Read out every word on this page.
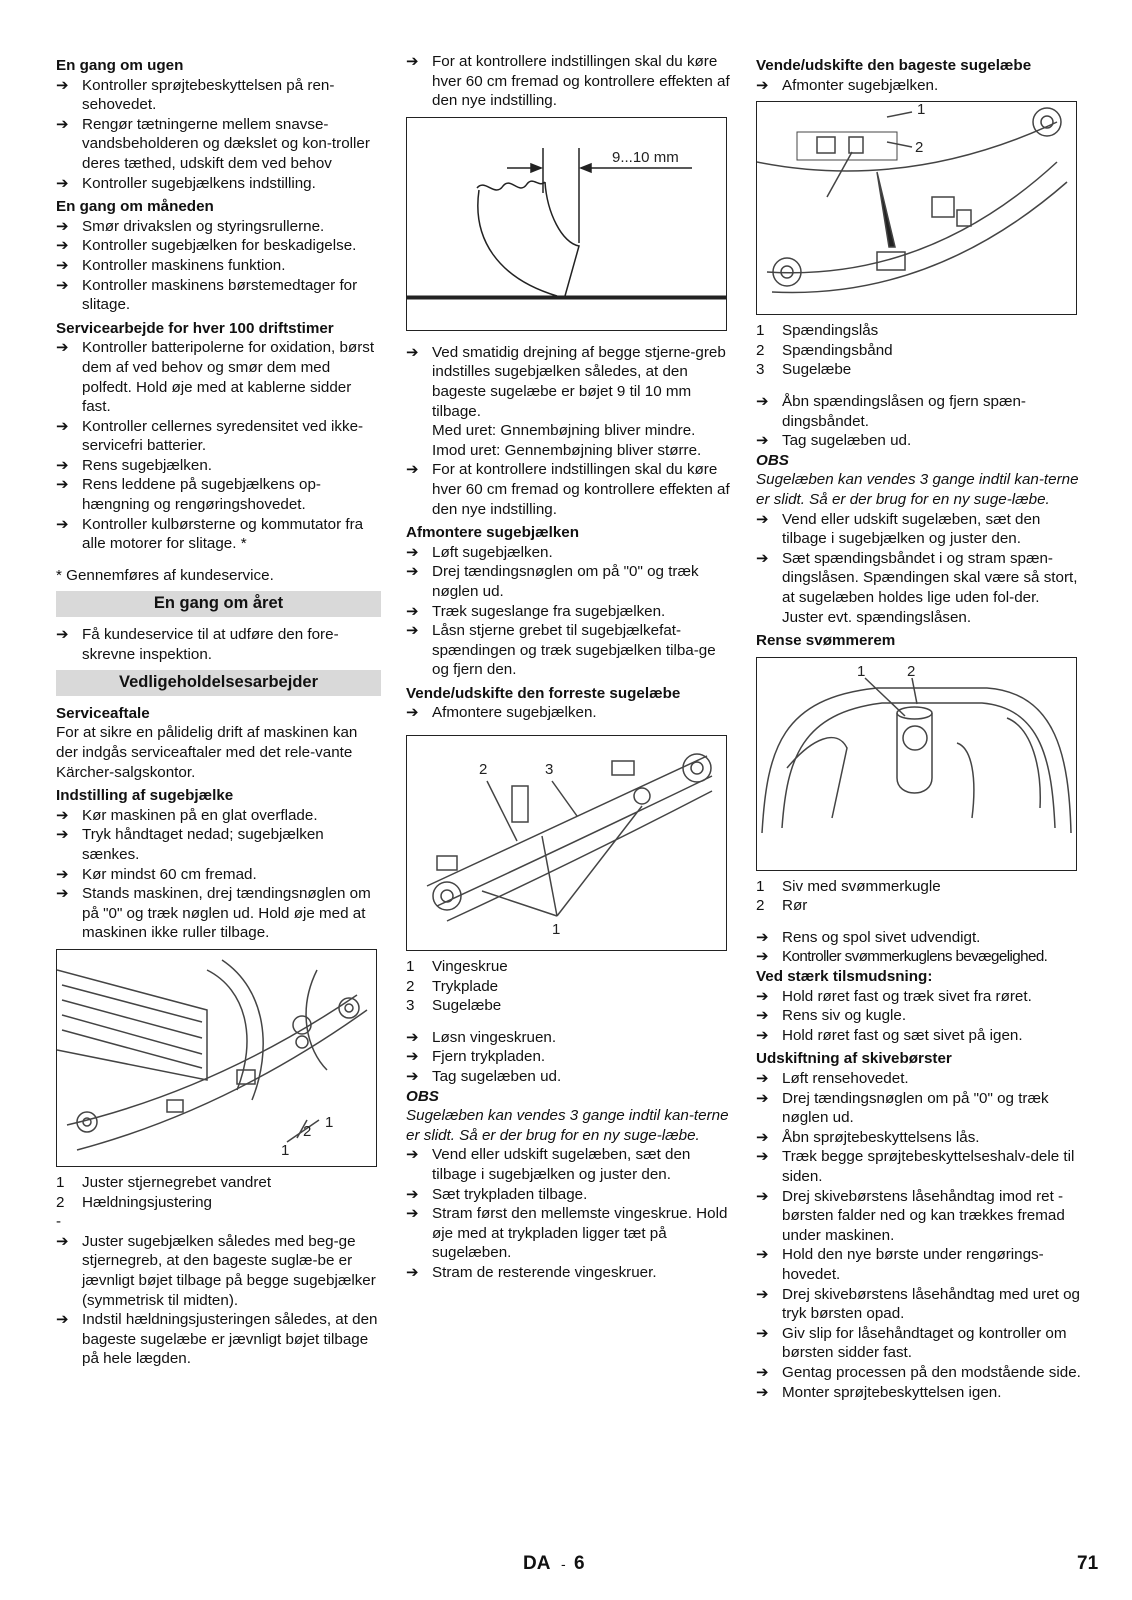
En gang om ugen
➔ Kontroller sprøjtebeskyttelsen på ren-sehovedet.
➔ Rengør tætningerne mellem snavse-vandsbeholderen og dækslet og kon-troller deres tæthed, udskift dem ved behov
➔ Kontroller sugebjælkens indstilling.
En gang om måneden
➔ Smør drivakslen og styringsrullerne.
➔ Kontroller sugebjælken for beskadigelse.
➔ Kontroller maskinens funktion.
➔ Kontroller maskinens børstemedtager for slitage.
Servicearbejde for hver 100 driftstimer
➔ Kontroller batteripolerne for oxidation, børst dem af ved behov og smør dem med polfedt. Hold øje med at kablerne sidder fast.
➔ Kontroller cellernes syredensitet ved ikke-servicefri batterier.
➔ Rens sugebjælken.
➔ Rens leddene på sugebjælkens op-hængning og rengøringshovedet.
➔ Kontroller kulbørsterne og kommutator fra alle motorer for slitage. *
* Gennemføres af kundeservice.
En gang om året
➔ Få kundeservice til at udføre den fore-skrevne inspektion.
Vedligeholdelsesarbejder
Serviceaftale
For at sikre en pålidelig drift af maskinen kan der indgås serviceaftaler med det rele-vante Kärcher-salgskontor.
Indstilling af sugebjælke
➔ Kør maskinen på en glat overflade.
➔ Tryk håndtaget nedad; sugebjælken sænkes.
➔ Kør mindst 60 cm fremad.
➔ Stands maskinen, drej tændingsnøglen om på "0" og træk nøglen ud. Hold øje med at maskinen ikke ruller tilbage.
2
1
1
1	Juster stjernegrebet vandret
2	Hældningsjustering
-
➔ Juster sugebjælken således med beg-ge stjernegreb, at den bageste suglæ-be er jævnligt bøjet tilbage på begge sugebjælker (symmetrisk til midten).
➔ Indstil hældningsjusteringen således, at den bageste sugelæbe er jævnligt bøjet tilbage på hele lægden.
➔ For at kontrollere indstillingen skal du køre hver 60 cm fremad og kontrollere effekten af den nye indstilling.
9...10 mm
➔ Ved smatidig drejning af begge stjerne-greb indstilles sugebjælken således, at den bageste sugelæbe er bøjet 9 til 10 mm tilbage.
Med uret: Gnnembøjning bliver mindre.
Imod uret: Gennembøjning bliver større.
➔ For at kontrollere indstillingen skal du køre hver 60 cm fremad og kontrollere effekten af den nye indstilling.
Afmontere sugebjælken
➔ Løft sugebjælken.
➔ Drej tændingsnøglen om på "0" og træk nøglen ud.
➔ Træk sugeslange fra sugebjælken.
➔ Låsn stjerne grebet til sugebjælkefat-spændingen og træk sugebjælken tilba-ge og fjern den.
Vende/udskifte den forreste sugelæbe
➔ Afmontere sugebjælken.
2	3
1
1	Vingeskrue
2	Trykplade
3	Sugelæbe
➔ Løsn vingeskruen.
➔ Fjern trykpladen.
➔ Tag sugelæben ud.
OBS
Sugelæben kan vendes 3 gange indtil kan-terne er slidt. Så er der brug for en ny suge-læbe.
➔ Vend eller udskift sugelæben, sæt den tilbage i sugebjælken og juster den.
➔ Sæt trykpladen tilbage.
➔ Stram først den mellemste vingeskrue. Hold øje med at trykpladen ligger tæt på sugelæben.
➔ Stram de resterende vingeskruer.
Vende/udskifte den bageste sugelæbe
➔ Afmonter sugebjælken.
1
2
1	Spændingslås
2	Spændingsbånd
3	Sugelæbe
➔ Åbn spændingslåsen og fjern spæn-dingsbåndet.
➔ Tag sugelæben ud.
OBS
Sugelæben kan vendes 3 gange indtil kan-terne er slidt. Så er der brug for en ny suge-læbe.
➔ Vend eller udskift sugelæben, sæt den tilbage i sugebjælken og juster den.
➔ Sæt spændingsbåndet i og stram spæn-dingslåsen. Spændingen skal være så stort, at sugelæben holdes lige uden fol-der. Juster evt. spændingslåsen.
Rense svømmerem
1	2
1	Siv med svømmerkugle
2	Rør
➔ Rens og spol sivet udvendigt.
➔ Kontroller svømmerkuglens bevægelighed.
Ved stærk tilsmudsning:
➔ Hold røret fast og træk sivet fra røret.
➔ Rens siv og kugle.
➔ Hold røret fast og sæt sivet på igen.
Udskiftning af skivebørster
➔ Løft rensehovedet.
➔ Drej tændingsnøglen om på "0" og træk nøglen ud.
➔ Åbn sprøjtebeskyttelsens lås.
➔ Træk begge sprøjtebeskyttelseshalv-dele til siden.
➔ Drej skivebørstens låsehåndtag imod ret - børsten falder ned og kan trækkes fremad under maskinen.
➔ Hold den nye børste under rengørings-hovedet.
➔ Drej skivebørstens låsehåndtag med uret og tryk børsten opad.
➔ Giv slip for låsehåndtaget og kontroller om børsten sidder fast.
➔ Gentag processen på den modstående side.
➔ Monter sprøjtebeskyttelsen igen.
DA - 6	71
